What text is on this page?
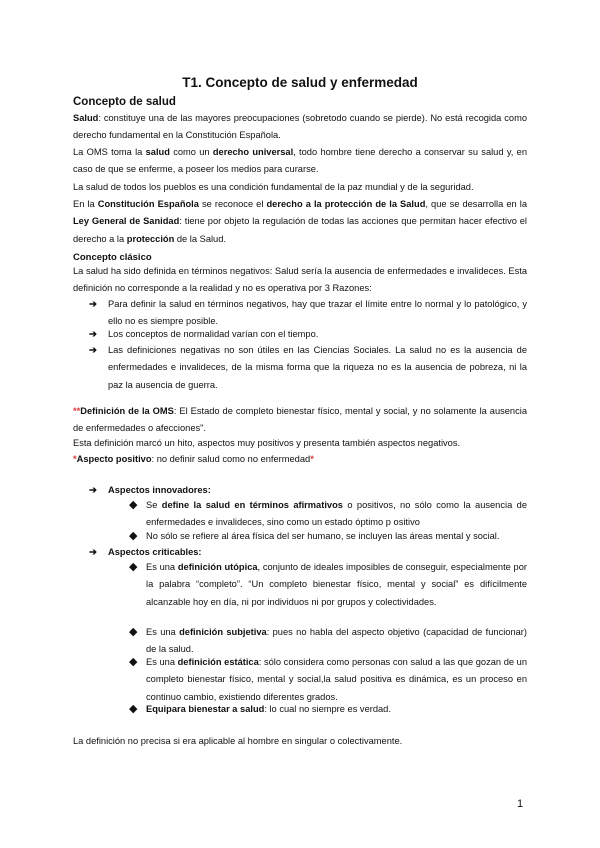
T1. Concepto de salud y enfermedad
Concepto de salud

Salud: constituye una de las mayores preocupaciones (sobretodo cuando se pierde). No está recogida como derecho fundamental en la Constitución Española.

La OMS toma la salud como un derecho universal, todo hombre tiene derecho a conservar su salud y, en caso de que se enferme, a poseer los medios para curarse.

La salud de todos los pueblos es una condición fundamental de la paz mundial y de la seguridad.

En la Constitución Española se reconoce el derecho a la protección de la Salud, que se desarrolla en la Ley General de Sanidad: tiene por objeto la regulación de todas las acciones que permitan hacer efectivo el derecho a la protección de la Salud.

Concepto clásico

La salud ha sido definida en términos negativos: Salud sería la ausencia de enfermedades e invalideces. Esta definición no corresponde a la realidad y no es operativa por 3 Razones:

➔	Para definir la salud en términos negativos, hay que trazar el límite entre lo normal y lo patológico, y ello no es siempre posible.
➔	Los conceptos de normalidad varían con el tiempo.
➔	Las definiciones negativas no son útiles en las Ciencias Sociales. La salud no es la ausencia de enfermedades e invalideces, de la misma forma que la riqueza no es la ausencia de pobreza, ni la paz la ausencia de guerra.

**Definición de la OMS: El Estado de completo bienestar físico, mental y social, y no solamente la ausencia de enfermedades o afecciones".

Esta definición marcó un hito, aspectos muy positivos y presenta también aspectos negativos.

*Aspecto positivo: no definir salud como no enfermedad*

➔	Aspectos innovadores:
◆ Se define la salud en términos afirmativos o positivos, no sólo como la ausencia de enfermedades e invalideces, sino como un estado óptimo p ositivo
◆ No sólo se refiere al área física del ser humano, se incluyen las áreas mental y social.
➔	Aspectos criticables:
◆ Es una definición utópica, conjunto de ideales imposibles de conseguir, especialmente por la palabra “completo”. “Un completo bienestar físico, mental y social” es difícilmente alcanzable hoy en día, ni por individuos ni por grupos y colectividades.
◆ Es una definición subjetiva: pues no habla del aspecto objetivo (capacidad de funcionar) de la salud.
◆ Es una definición estática: sólo considera como personas con salud a las que gozan de un completo bienestar físico, mental y social,la salud positiva es dinámica, es un proceso en continuo cambio, existiendo diferentes grados.
◆ Equipara bienestar a salud: lo cual no siempre es verdad.

La definición no precisa si era aplicable al hombre en singular o colectivamente.

1
